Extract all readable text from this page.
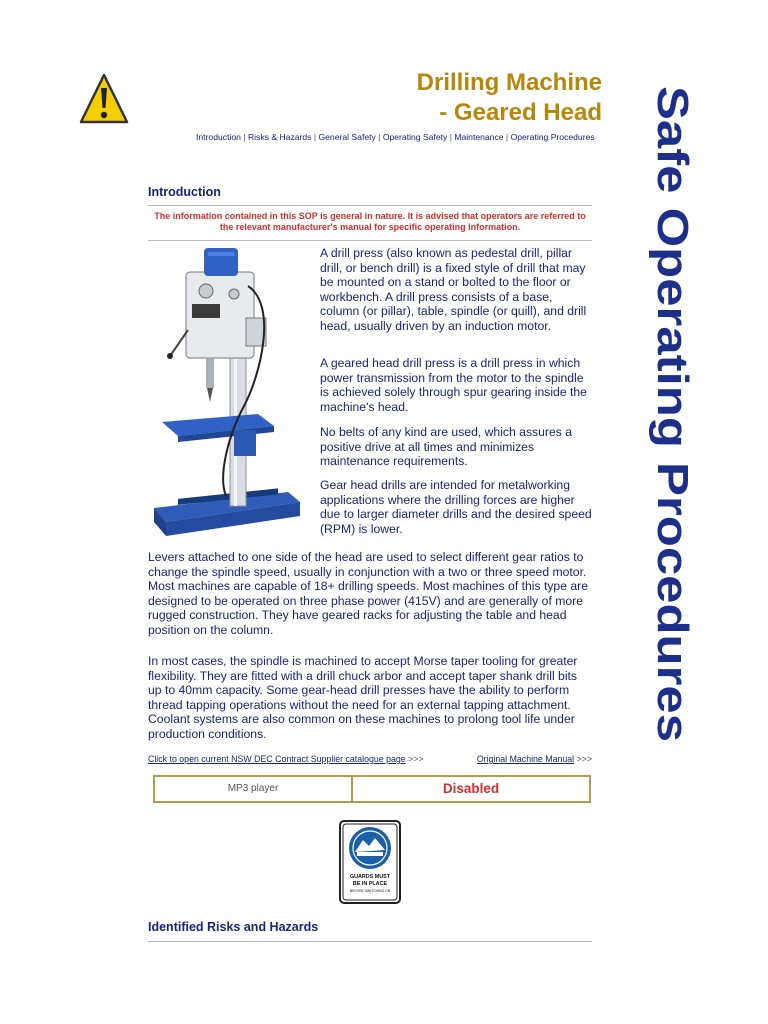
Drilling Machine
- Geared Head
Introduction | Risks & Hazards | General Safety | Operating Safety | Maintenance | Operating Procedures Safe Operating Procedures
Introduction
The information contained in this SOP is general in nature. It is advised that operators are referred to the relevant manufacturer's manual for specific operating information.
A drill press (also known as pedestal drill, pillar drill, or bench drill) is a fixed style of drill that may be mounted on a stand or bolted to the floor or workbench. A drill press consists of a base, column (or pillar), table, spindle (or quill), and drill head, usually driven by an induction motor.
A geared head drill press is a drill press in which power transmission from the motor to the spindle is achieved solely through spur gearing inside the machine's head.
No belts of any kind are used, which assures a positive drive at all times and minimizes maintenance requirements.
Gear head drills are intended for metalworking applications where the drilling forces are higher due to larger diameter drills and the desired speed (RPM) is lower.
Levers attached to one side of the head are used to select different gear ratios to change the spindle speed, usually in conjunction with a two or three speed motor. Most machines are capable of 18+ drilling speeds. Most machines of this type are designed to be operated on three phase power (415V) and are generally of more rugged construction. They have geared racks for adjusting the table and head position on the column.
In most cases, the spindle is machined to accept Morse taper tooling for greater flexibility. They are fitted with a drill chuck arbor and accept taper shank drill bits up to 40mm capacity. Some gear-head drill presses have the ability to perform thread tapping operations without the need for an external tapping attachment. Coolant systems are also common on these machines to prolong tool life under production conditions.
Click to open current NSW DEC Contract Supplier catalogue page >>>	Original Machine Manual >>>
MP3 player	Disabled
GUARDS MUST
BE IN PLACE
BEFORE SWITCHING ON
Identified Risks and Hazards
